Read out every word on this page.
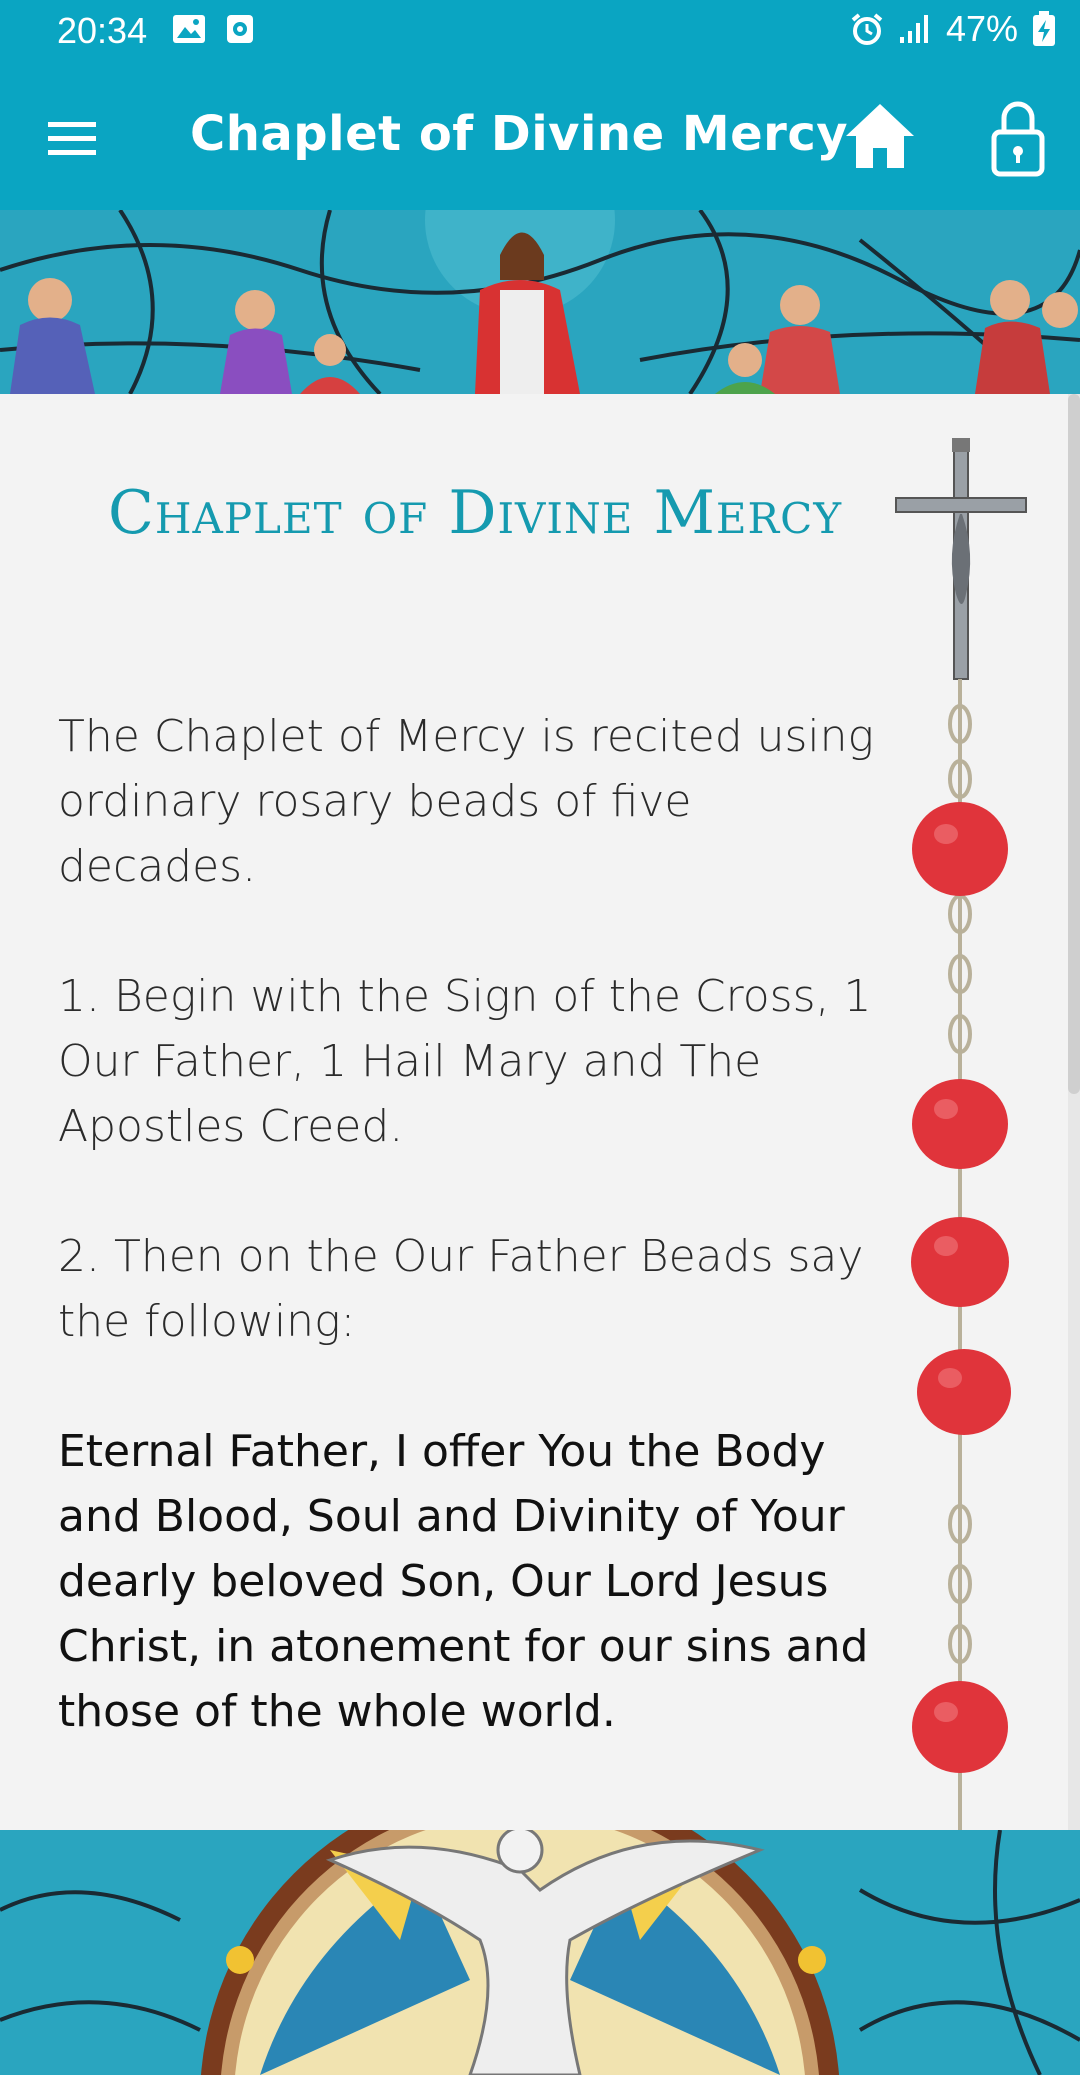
20:34	47%
Chaplet of Divine Mercy
Chaplet of Divine Mercy

The Chaplet of Mercy is recited using ordinary rosary beads of five decades.

1. Begin with the Sign of the Cross, 1 Our Father, 1 Hail Mary and The Apostles Creed.

2. Then on the Our Father Beads say the following:

Eternal Father, I offer You the Body and Blood, Soul and Divinity of Your dearly beloved Son, Our Lord Jesus Christ, in atonement for our sins and those of the whole world.
